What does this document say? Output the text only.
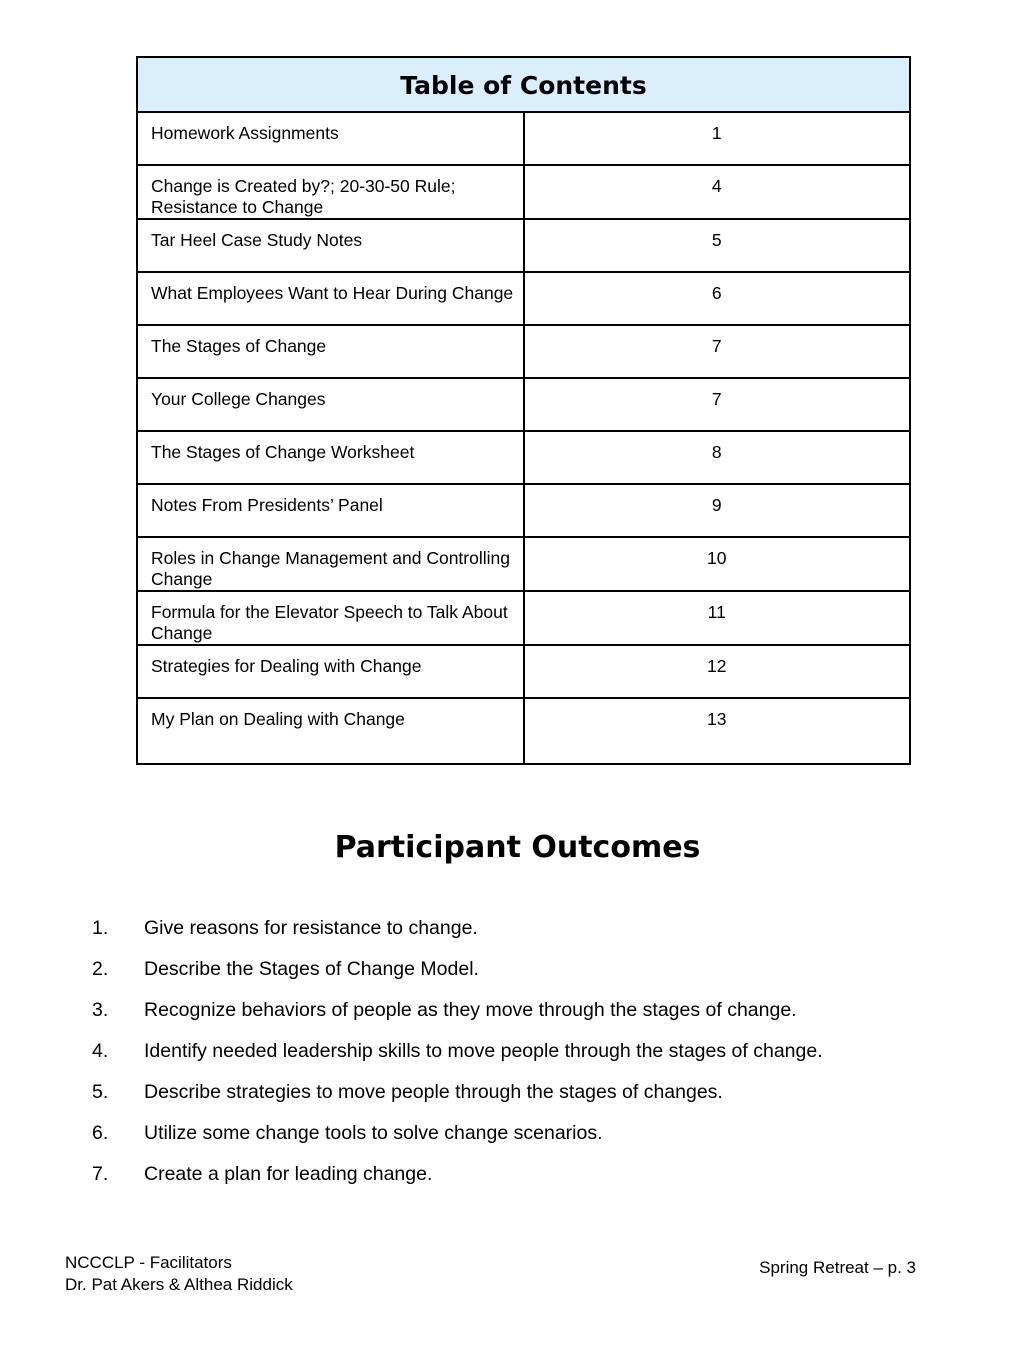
Table of Contents	
Homework Assignments	1
Change is Created by?; 20-30-50 Rule; Resistance to Change	4
Tar Heel Case Study Notes	5
What Employees Want to Hear During Change	6
The Stages of Change	7
Your College Changes	7
The Stages of Change Worksheet	8
Notes From Presidents’ Panel	9
Roles in Change Management and Controlling Change	10
Formula for the Elevator Speech to Talk About Change	11
Strategies for Dealing with Change	12
My Plan on Dealing with Change	13
Participant Outcomes
1. Give reasons for resistance to change.
2. Describe the Stages of Change Model.
3. Recognize behaviors of people as they move through the stages of change.
4. Identify needed leadership skills to move people through the stages of change.
5. Describe strategies to move people through the stages of changes.
6. Utilize some change tools to solve change scenarios.
7. Create a plan for leading change.
NCCCLP - Facilitators
Dr. Pat Akers & Althea Riddick
Spring Retreat – p. 3
